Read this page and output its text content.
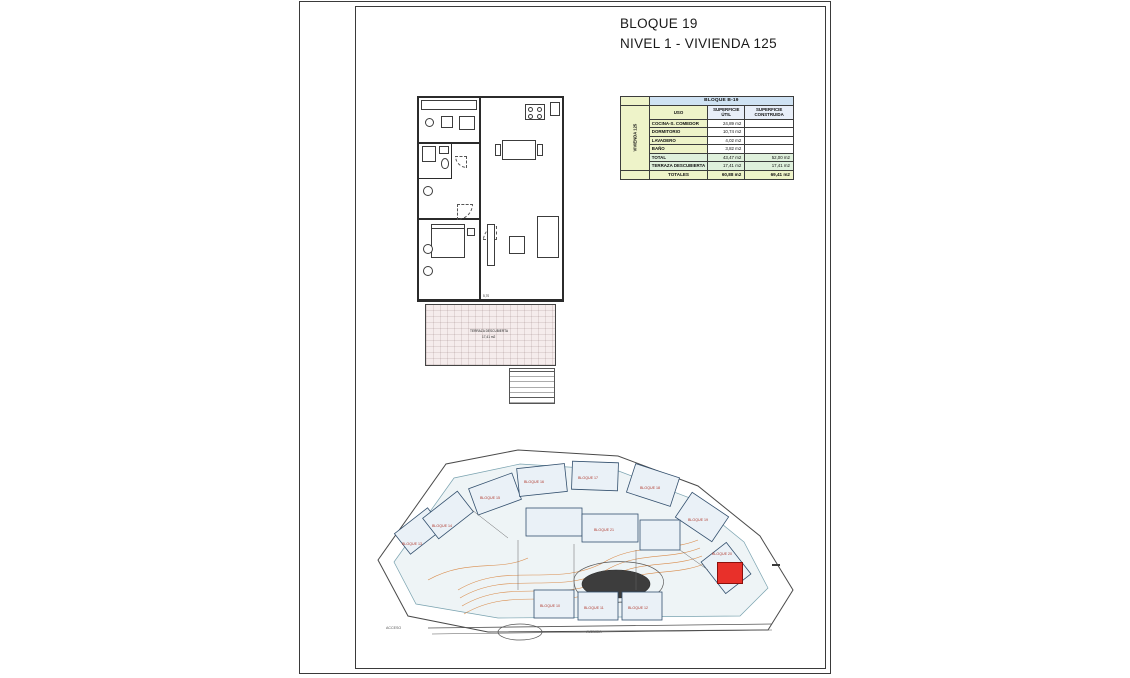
BLOQUE 19
NIVEL 1 - VIVIENDA 125
	BLOQUE B-19		
VIVIENDA 125	USO	SUPERFICIE ÚTIL	SUPERFICIE CONSTRUIDA
	COCINA-S. COMEDOR	24,89 m2	
	DORMITORIO	10,74 m2	
	LAVADERO	4,02 m2	
	BAÑO	3,82 m2	
	TOTAL	43,47 m2	52,00 m2
	TERRAZA DESCUBIERTA	17,41 m2	17,41 m2
	TOTALES	60,88 m2	69,41 m2
TERRAZA DESCUBIERTA
17,41 m2
5,70
BLOQUE 13
BLOQUE 14
BLOQUE 15
BLOQUE 16
BLOQUE 17
BLOQUE 18
BLOQUE 19
BLOQUE 20
BLOQUE 21
BLOQUE 10	BLOQUE 11	BLOQUE 12
AVENIDA
ACCESO
